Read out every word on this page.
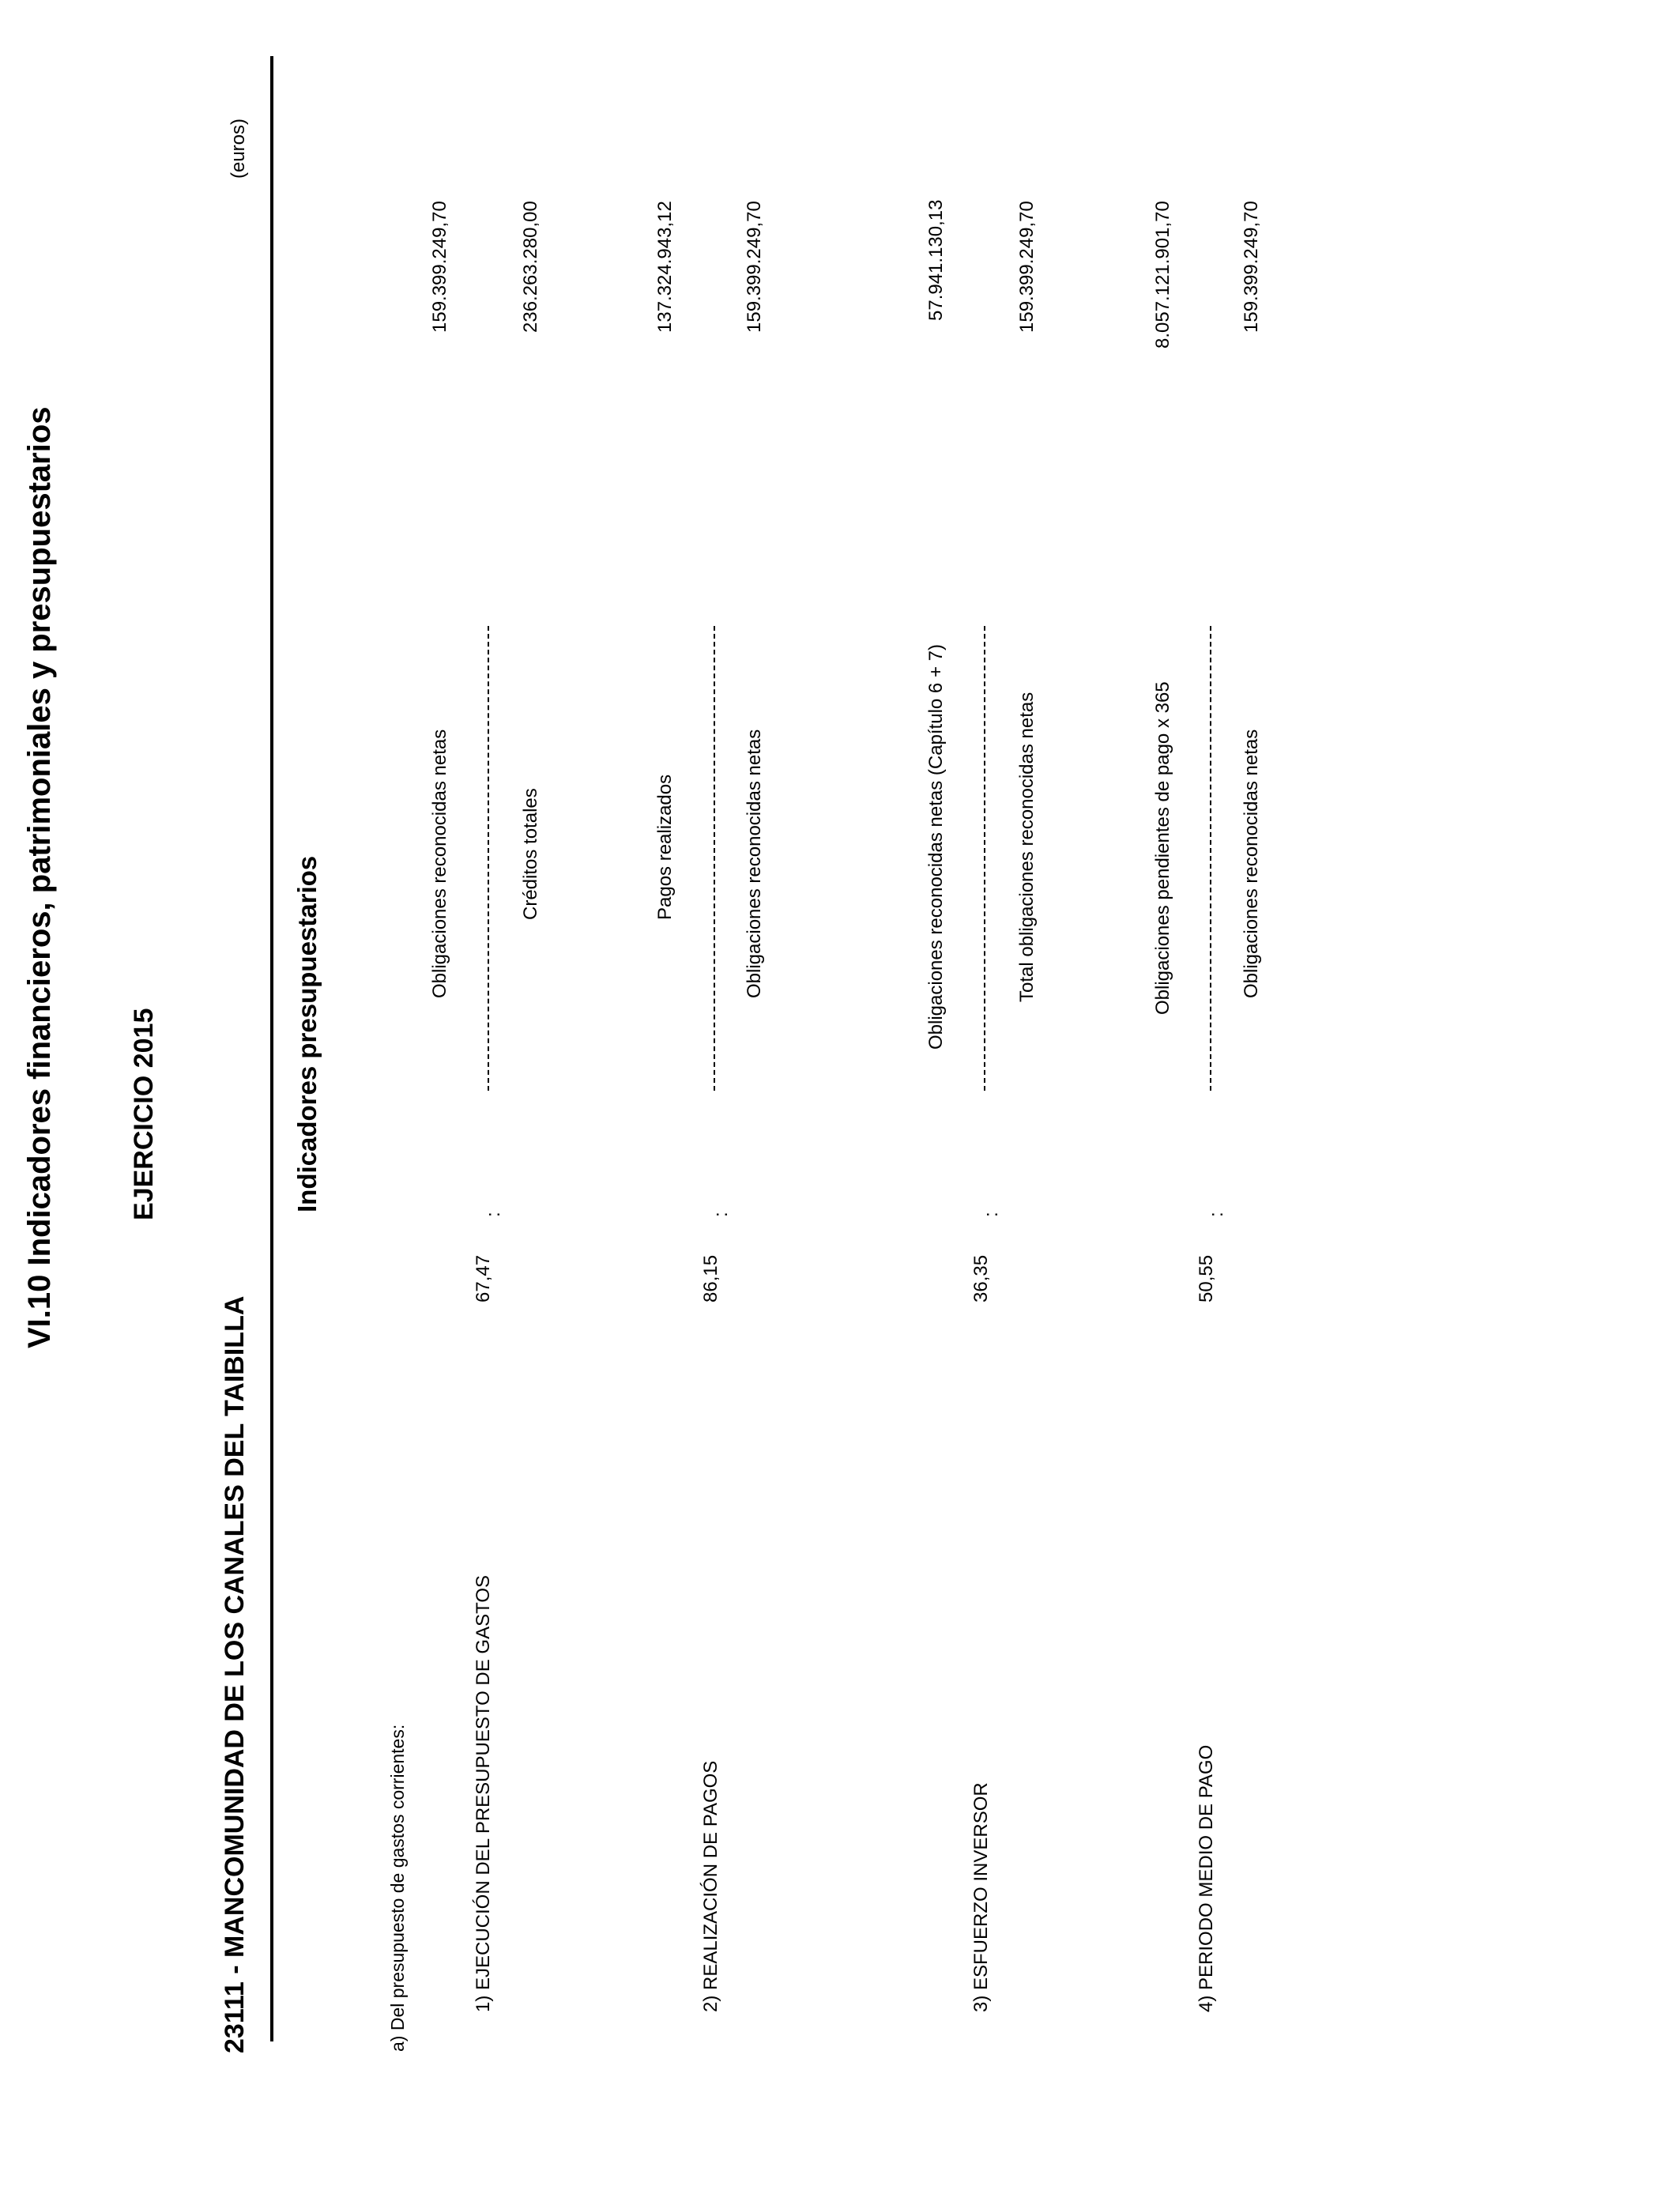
VI.10 Indicadores financieros, patrimoniales y presupuestarios	EJERCICIO 2015
23111 - MANCOMUNIDAD DE LOS CANALES DEL TAIBILLA
Indicadores presupuestarios
(euros)
a) Del presupuesto de gastos corrientes:	1) EJECUCIÓN DEL PRESUPUESTO DE GASTOS
67,47
:
Obligaciones reconocidas netas	Créditos totales
159.399.249,70	236.263.280,00
2) REALIZACIÓN DE PAGOS
86,15
:
Pagos realizados	Obligaciones reconocidas netas
137.324.943,12	159.399.249,70
3) ESFUERZO INVERSOR
36,35
:
Obligaciones reconocidas netas (Capítulo 6 + 7)	Total obligaciones reconocidas netas
57.941.130,13	159.399.249,70
4) PERIODO MEDIO DE PAGO
50,55
:
Obligaciones pendientes de pago x 365	Obligaciones reconocidas netas
8.057.121.901,70	159.399.249,70
